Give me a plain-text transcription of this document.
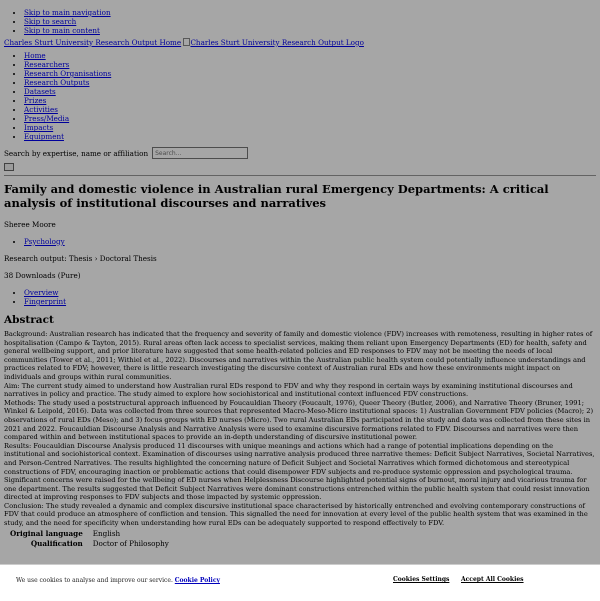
• Skip to main navigation
• Skip to search
• Skip to main content
Charles Sturt University Research Output Home Charles Sturt University Research Output Logo
• Home
• Researchers
• Research Organisations
• Research Outputs
• Datasets
• Prizes
• Activities
• Press/Media
• Impacts
• Equipment
Search by expertise, name or affiliation
Search...
Family and domestic violence in Australian rural Emergency Departments: A critical analysis of institutional discourses and narratives
Sheree Moore
• Psychology
Research output: Thesis › Doctoral Thesis
38 Downloads (Pure)
• Overview
• Fingerprint
Abstract

Background: Australian research has indicated that the frequency and severity of family and domestic violence (FDV) increases with remoteness, resulting in higher rates of hospitalisation (Campo & Tayton, 2015). Rural areas often lack access to specialist services, making them reliant upon Emergency Departments (ED) for health, safety and general wellbeing support, and prior literature have suggested that some health-related policies and ED responses to FDV may not be meeting the needs of local communities (Tower et al., 2011; Withiel et al., 2022). Discourses and narratives within the Australian public health system could potentially influence understandings and practices related to FDV; however, there is little research investigating the discursive context of Australian rural EDs and how these environments might impact on individuals and groups within rural communities.

Aim: The current study aimed to understand how Australian rural EDs respond to FDV and why they respond in certain ways by examining institutional discourses and narratives in policy and practice. The study aimed to explore how sociohistorical and institutional context influenced FDV constructions.

Methods: The study used a poststructural approach influenced by Foucauldian Theory (Foucault, 1976), Queer Theory (Butler, 2006), and Narrative Theory (Bruner, 1991; Winkel & Leipold, 2016). Data was collected from three sources that represented Macro-Meso-Micro institutional spaces: 1) Australian Government FDV policies (Macro); 2) observations of rural EDs (Meso); and 3) focus groups with ED nurses (Micro). Two rural Australian EDs participated in the study and data was collected from these sites in 2021 and 2022. Foucauldian Discourse Analysis and Narrative Analysis were used to examine discursive formations related to FDV. Discourses and narratives were then compared within and between institutional spaces to provide an in-depth understanding of discursive institutional power.

Results: Foucauldian Discourse Analysis produced 11 discourses with unique meanings and actions which had a range of potential implications depending on the institutional and sociohistorical context. Examination of discourses using narrative analysis produced three narrative themes: Deficit Subject Narratives, Societal Narratives, and Person-Centred Narratives. The results highlighted the concerning nature of Deficit Subject and Societal Narratives which formed dichotomous and stereotypical constructions of FDV, encouraging inaction or problematic actions that could disempower FDV subjects and re-produce systemic oppression and psychological trauma. Significant concerns were raised for the wellbeing of ED nurses when Helplessness Discourse highlighted potential signs of burnout, moral injury and vicarious trauma for one department. The results suggested that Deficit Subject Narratives were dominant constructions entrenched within the public health system that could resist innovation directed at improving responses to FDV subjects and those impacted by systemic oppression.

Conclusion: The study revealed a dynamic and complex discursive institutional space characterised by historically entrenched and evolving contemporary constructions of FDV that could produce an atmosphere of confliction and tension. This signalled the need for innovation at every level of the public health system that was examined in the study, and the need for specificity when understanding how rural EDs can be adequately supported to respond effectively to FDV.

Original language	English
Qualification	Doctor of Philosophy
We use cookies to analyse and improve our service. Cookie Policy	Cookies Settings Accept All Cookies
